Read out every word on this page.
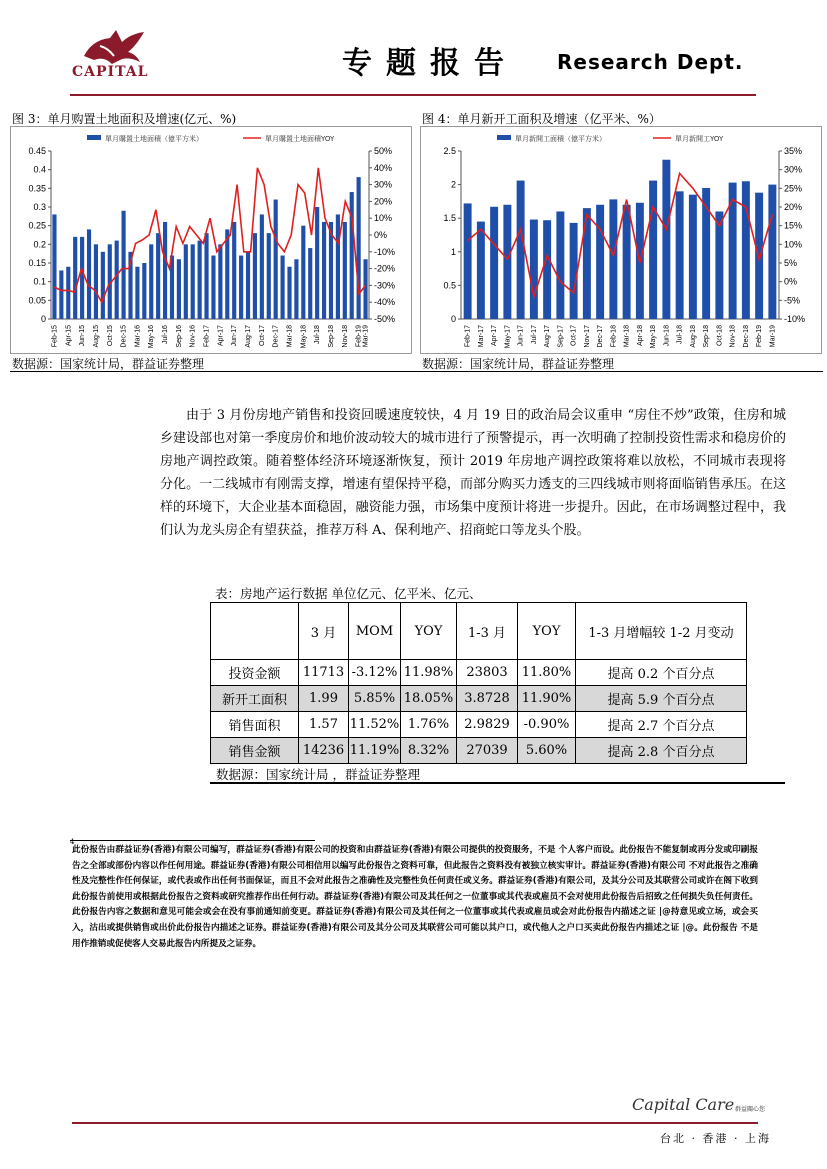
CAPITAL	专题报告 Research Dept.
图 3：单月购置土地面积及增速(亿元、%)	图 4：单月新开工面积及增速（亿平米、%）
0
0.05
0.1
0.15
0.2
0.25
0.3
0.35
0.4
0.45
-50%
-40%
-30%
-20%
-10%
0%
10%
20%
30%
40%
50%
Feb-15 Apr-15 Jun-15 Aug-15 Oct-15 Dec-15 Mar-16 May-16 Jul-16 Sep-16 Nov-16 Feb-17 Apr-17 Jun-17 Aug-17 Oct-17 Dec-17 Mar-18 May-18 Jul-18 Sep-18 Nov-18 Feb-19 Mar-19
單月購置土地面積（億平方米）	單月購置土地面積YOY
0
0.5
1
1.5
2
2.5
-10%
-5%
0%
5%
10%
15%
20%
25%
30%
35%
Feb-17 Mar-17 Apr-17 May-17 Jun-17 Jul-17 Aug-17 Sep-17 Oct-17 Nov-17 Dec-17 Feb-18 Mar-18 Apr-18 May-18 Jun-18 Jul-18 Aug-18 Sep-18 Oct-18 Nov-18 Dec-18 Feb-19 Mar-19
單月新開工面積（億平方米）	單月新開工YOY
数据源：国家统计局，群益证券整理	数据源：国家统计局，群益证券整理
由于 3 月份房地产销售和投资回暖速度较快，4 月 19 日的政治局会议重申 “房住不炒”政策，住房和城乡建设部也对第一季度房价和地价波动较大的城市进行了预警提示，再一次明确了控制投资性需求和稳房价的房地产调控政策。随着整体经济环境逐渐恢复，预计 2019 年房地产调控政策将难以放松，不同城市表现将分化。一二线城市有刚需支撑，增速有望保持平稳，而部分购买力透支的三四线城市则将面临销售承压。在这样的环境下，大企业基本面稳固，融资能力强，市场集中度预计将进一步提升。因此，在市场调整过程中，我们认为龙头房企有望获益，推荐万科 A、保利地产、招商蛇口等龙头个股。
表：房地产运行数据 单位亿元、亿平米、亿元、
	3 月	MOM	YOY	1-3 月	YOY	1-3 月增幅较 1-2 月变动
投资金额	11713	-3.12%	11.98%	23803	11.80%	提高 0.2 个百分点
新开工面积	1.99	5.85%	18.05%	3.8728	11.90%	提高 5.9 个百分点
销售面积	1.57	11.52%	1.76%	2.9829	-0.90%	提高 2.7 个百分点
销售金额	14236	11.19%	8.32%	27039	5.60%	提高 2.8 个百分点
数据源：国家统计局 ，群益证券整理
4
此份报告由群益证券(香港)有限公司编写，群益证券(香港)有限公司的投资和由群益证券(香港)有限公司提供的投资服务，不是 个人客户而设。此份报告不能复制或再分发或印刷报告之全部或部份内容以作任何用途。群益证券(香港)有限公司相信用以编写此份报告之资料可靠，但此报告之资料没有被独立核实审计。群益证券(香港)有限公司 不对此报告之准确性及完整性作任何保证，或代表或作出任何书面保证，而且不会对此报告之准确性及完整性负任何责任或义务。群益证券(香港)有限公司，及其分公司及其联营公司或许在阁下收到此份报告前使用或根据此份报告之资料或研究推荐作出任何行动。群益证券(香港)有限公司及其任何之一位董事或其代表或雇员不会对使用此份报告后招致之任何损失负任何责任。此份报告内容之数据和意见可能会或会在没有事前通知前变更。群益证券(香港)有限公司及其任何之一位董事或其代表或雇员或会对此份报告内描述之证 |@持意见或立场，或会买入，沽出或提供销售或出价此份报告内描述之证券。群益证券(香港)有限公司及其分公司及其联营公司可能以其户口，或代他人之户口买卖此份报告内描述之证 |@。此份报告 不是用作推销或促使客人交易此报告内所提及之证券。
Capital Care 群益關心您
台北 · 香港 · 上海
